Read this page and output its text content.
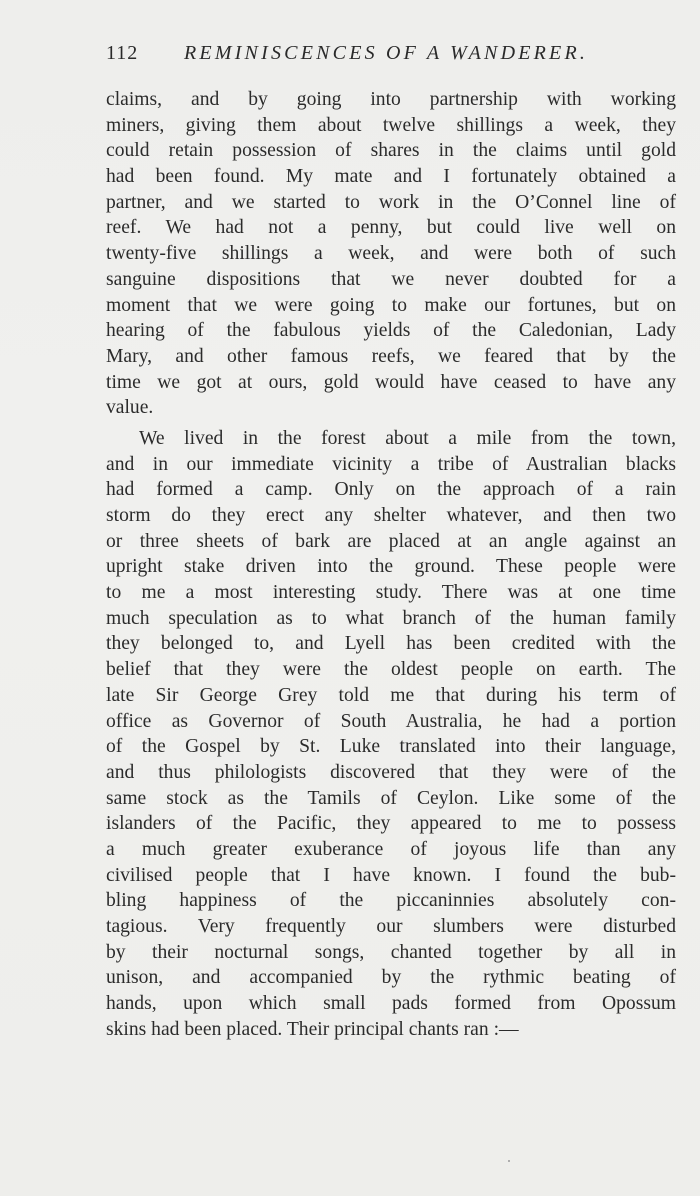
112 REMINISCENCES OF A WANDERER.
claims, and by going into partnership with working
miners, giving them about twelve shillings a week, they
could retain possession of shares in the claims until gold
had been found. My mate and I fortunately obtained a
partner, and we started to work in the O’Connel line of
reef. We had not a penny, but could live well on
twenty-five shillings a week, and were both of such
sanguine dispositions that we never doubted for a
moment that we were going to make our fortunes, but on
hearing of the fabulous yields of the Caledonian, Lady
Mary, and other famous reefs, we feared that by the
time we got at ours, gold would have ceased to have any
value.
We lived in the forest about a mile from the town,
and in our immediate vicinity a tribe of Australian blacks
had formed a camp. Only on the approach of a rain
storm do they erect any shelter whatever, and then two
or three sheets of bark are placed at an angle against an
upright stake driven into the ground. These people were
to me a most interesting study. There was at one time
much speculation as to what branch of the human family
they belonged to, and Lyell has been credited with the
belief that they were the oldest people on earth. The
late Sir George Grey told me that during his term of
office as Governor of South Australia, he had a portion
of the Gospel by St. Luke translated into their language,
and thus philologists discovered that they were of the
same stock as the Tamils of Ceylon. Like some of the
islanders of the Pacific, they appeared to me to possess
a much greater exuberance of joyous life than any
civilised people that I have known. I found the bub-
bling happiness of the piccaninnies absolutely con-
tagious. Very frequently our slumbers were disturbed
by their nocturnal songs, chanted together by all in
unison, and accompanied by the rythmic beating of
hands, upon which small pads formed from Opossum
skins had been placed. Their principal chants ran :—
